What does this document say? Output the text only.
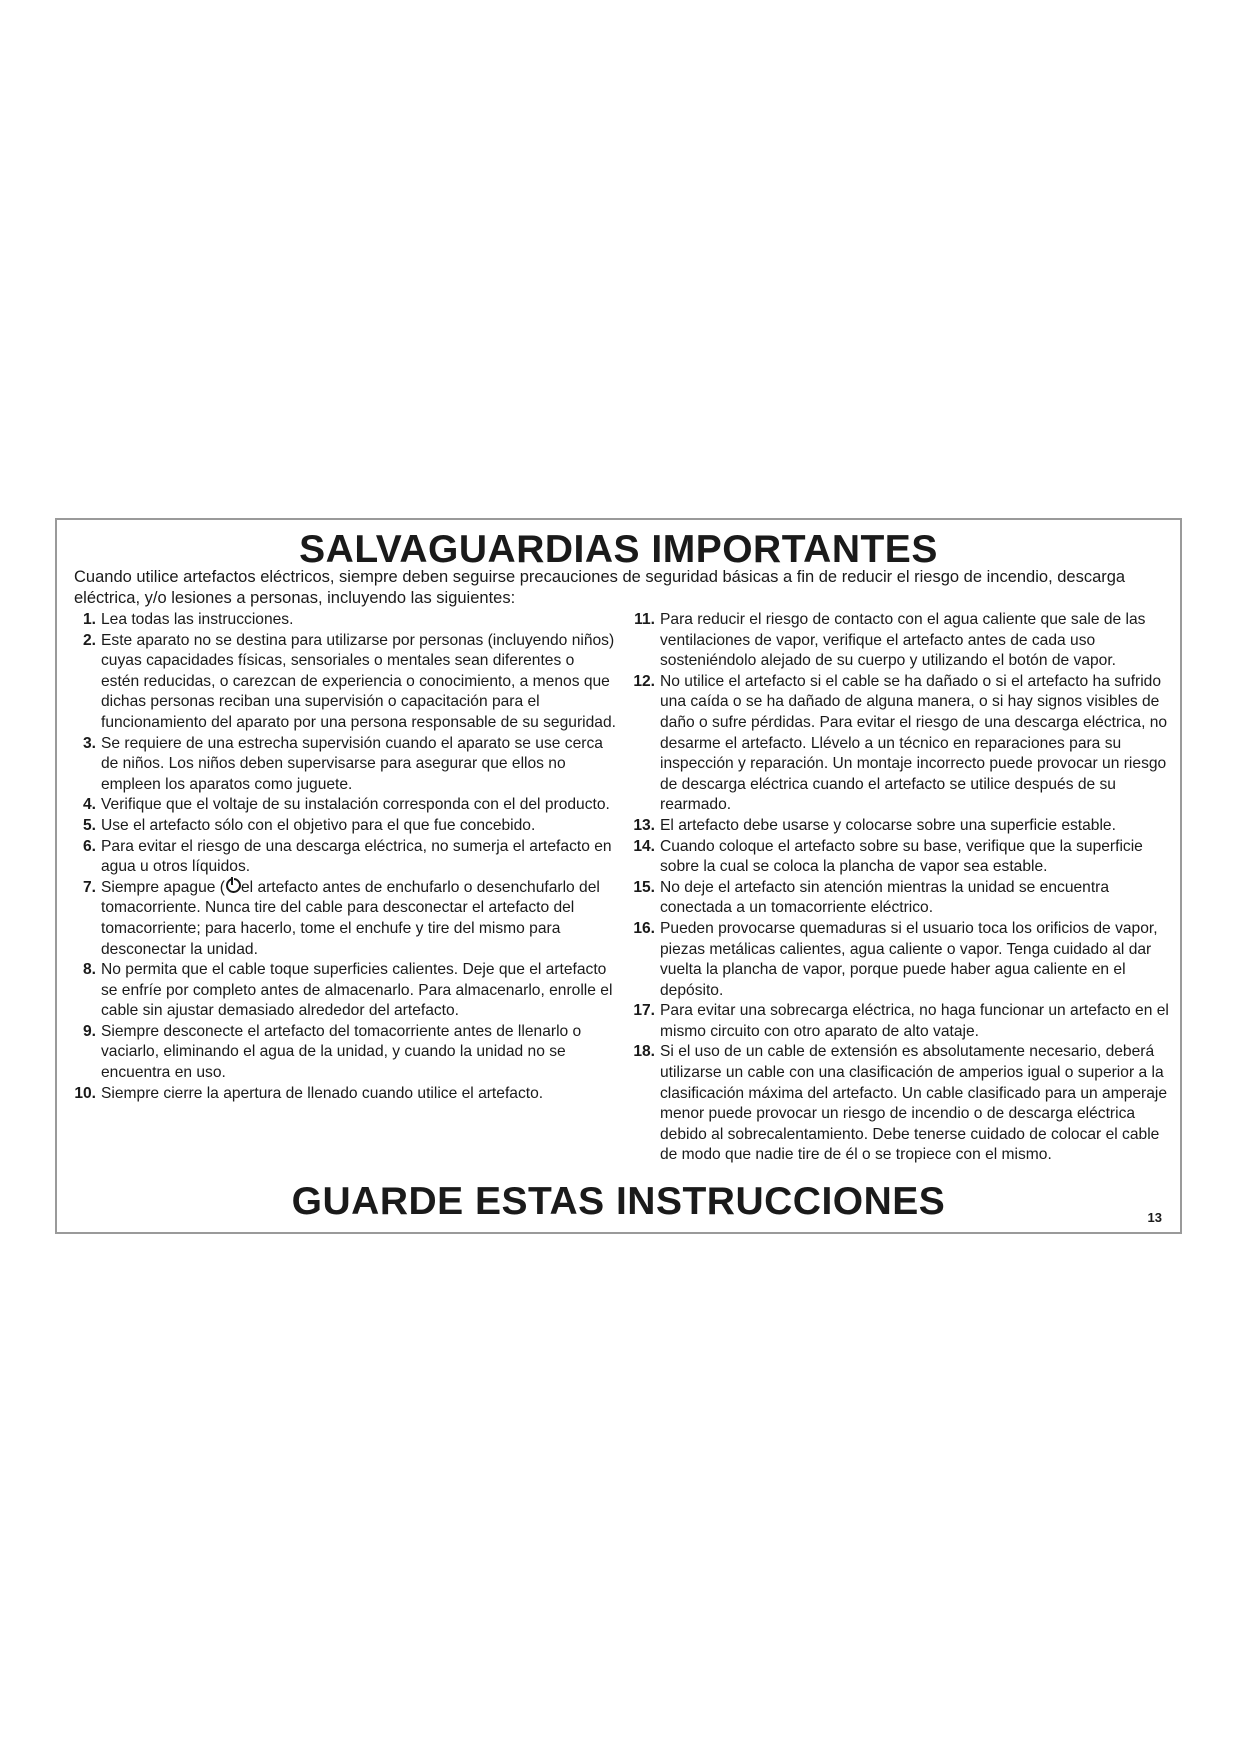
SALVAGUARDIAS IMPORTANTES
Cuando utilice artefactos eléctricos, siempre deben seguirse precauciones de seguridad básicas a fin de reducir el riesgo de incendio, descarga eléctrica, y/o lesiones a personas, incluyendo las siguientes:
1. Lea todas las instrucciones.
2. Este aparato no se destina para utilizarse por personas (incluyendo niños) cuyas capacidades físicas, sensoriales o mentales sean diferentes o estén reducidas, o carezcan de experiencia o conocimiento, a menos que dichas personas reciban una supervisión o capacitación para el funcionamiento del aparato por una persona responsable de su seguridad.
3. Se requiere de una estrecha supervisión cuando el aparato se use cerca de niños. Los niños deben supervisarse para asegurar que ellos no empleen los aparatos como juguete.
4. Verifique que el voltaje de su instalación corresponda con el del producto.
5. Use el artefacto sólo con el objetivo para el que fue concebido.
6. Para evitar el riesgo de una descarga eléctrica, no sumerja el artefacto en agua u otros líquidos.
7. Siempre apague ( el artefacto antes de enchufarlo o desenchufarlo del tomacorriente. Nunca tire del cable para desconectar el artefacto del tomacorriente; para hacerlo, tome el enchufe y tire del mismo para desconectar la unidad.
8. No permita que el cable toque superficies calientes. Deje que el artefacto se enfríe por completo antes de almacenarlo. Para almacenarlo, enrolle el cable sin ajustar demasiado alrededor del artefacto.
9. Siempre desconecte el artefacto del tomacorriente antes de llenarlo o vaciarlo, eliminando el agua de la unidad, y cuando la unidad no se encuentra en uso.
10. Siempre cierre la apertura de llenado cuando utilice el artefacto.
11. Para reducir el riesgo de contacto con el agua caliente que sale de las ventilaciones de vapor, verifique el artefacto antes de cada uso sosteniéndolo alejado de su cuerpo y utilizando el botón de vapor.
12. No utilice el artefacto si el cable se ha dañado o si el artefacto ha sufrido una caída o se ha dañado de alguna manera, o si hay signos visibles de daño o sufre pérdidas. Para evitar el riesgo de una descarga eléctrica, no desarme el artefacto. Llévelo a un técnico en reparaciones para su inspección y reparación. Un montaje incorrecto puede provocar un riesgo de descarga eléctrica cuando el artefacto se utilice después de su rearmado.
13. El artefacto debe usarse y colocarse sobre una superficie estable.
14. Cuando coloque el artefacto sobre su base, verifique que la superficie sobre la cual se coloca la plancha de vapor sea estable.
15. No deje el artefacto sin atención mientras la unidad se encuentra conectada a un tomacorriente eléctrico.
16. Pueden provocarse quemaduras si el usuario toca los orificios de vapor, piezas metálicas calientes, agua caliente o vapor. Tenga cuidado al dar vuelta la plancha de vapor, porque puede haber agua caliente en el depósito.
17. Para evitar una sobrecarga eléctrica, no haga funcionar un artefacto en el mismo circuito con otro aparato de alto vataje.
18. Si el uso de un cable de extensión es absolutamente necesario, deberá utilizarse un cable con una clasificación de amperios igual o superior a la clasificación máxima del artefacto. Un cable clasificado para un amperaje menor puede provocar un riesgo de incendio o de descarga eléctrica debido al sobrecalentamiento. Debe tenerse cuidado de colocar el cable de modo que nadie tire de él o se tropiece con el mismo.
GUARDE ESTAS INSTRUCCIONES	13
